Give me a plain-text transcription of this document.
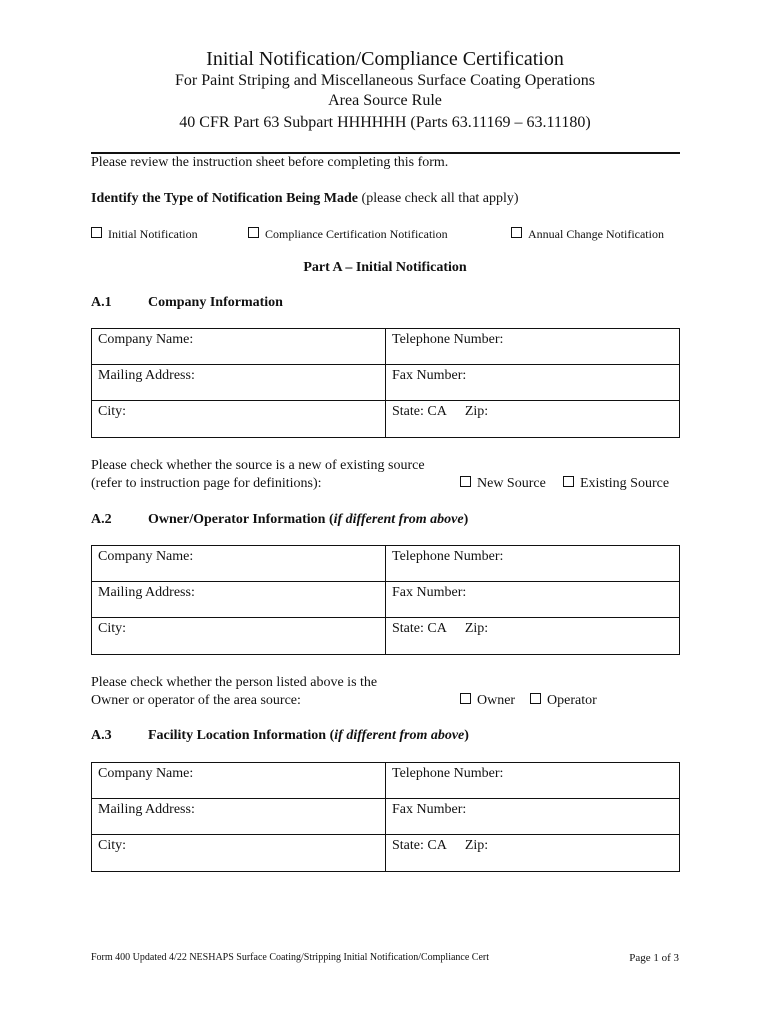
Initial Notification/Compliance Certification
For Paint Striping and Miscellaneous Surface Coating Operations
Area Source Rule
40 CFR Part 63 Subpart HHHHHH (Parts 63.11169 – 63.11180)
Please review the instruction sheet before completing this form.
Identify the Type of Notification Being Made (please check all that apply)
Initial Notification	Compliance Certification Notification	Annual Change Notification
Part A – Initial Notification
A.1	Company Information
Company Name:	Telephone Number:
Mailing Address:	Fax Number:
City:	State: CA Zip:
Please check whether the source is a new of existing source
(refer to instruction page for definitions):	New Source	Existing Source
A.2	Owner/Operator Information (if different from above)
Company Name:	Telephone Number:
Mailing Address:	Fax Number:
City:	State: CA Zip:
Please check whether the person listed above is the
Owner or operator of the area source:	Owner	Operator
A.3	Facility Location Information (if different from above)
Company Name:	Telephone Number:
Mailing Address:	Fax Number:
City:	State: CA Zip:
Form 400 Updated 4/22 NESHAPS Surface Coating/Stripping Initial Notification/Compliance Cert	Page 1 of 3
